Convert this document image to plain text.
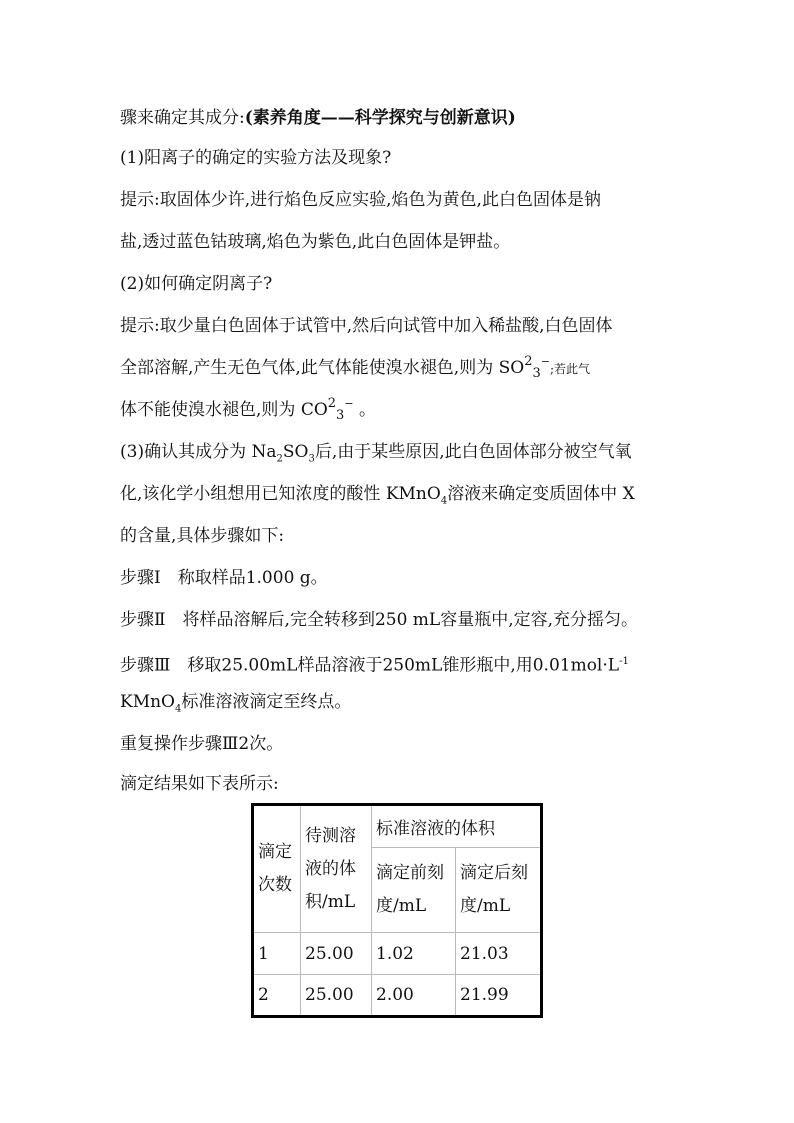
骤来确定其成分:(素养角度——科学探究与创新意识)
(1)阳离子的确定的实验方法及现象?
提示:取固体少许,进行焰色反应实验,焰色为黄色,此白色固体是钠
盐,透过蓝色钴玻璃,焰色为紫色,此白色固体是钾盐。
(2)如何确定阴离子?
提示:取少量白色固体于试管中,然后向试管中加入稀盐酸,白色固体
全部溶解,产生无色气体,此气体能使溴水褪色,则为 $SO^2_3^-$;若此气
体不能使溴水褪色,则为 $CO^2_3^-$ 。
(3)确认其成分为 $Na_2SO_3$后,由于某些原因,此白色固体部分被空气氧
化,该化学小组想用已知浓度的酸性 KMnO$_4$溶液来确定变质固体中 X
的含量,具体步骤如下:
步骤Ⅰ　称取样品1.000 g。
步骤Ⅱ　将样品溶解后,完全转移到250 mL容量瓶中,定容,充分摇匀。
步骤Ⅲ　移取25.00mL样品溶液于250mL锥形瓶中,用$0.01mol\cdot L^{-1}$
KMnO$_4$标准溶液滴定至终点。
重复操作步骤Ⅲ2次。
滴定结果如下表所示:
滴定次数	待测溶液的体积/mL	标准溶液的体积	

		滴定前刻度/mL	滴定后刻度/mL

1	25.00	1.02	21.03
2	25.00	2.00	21.99
